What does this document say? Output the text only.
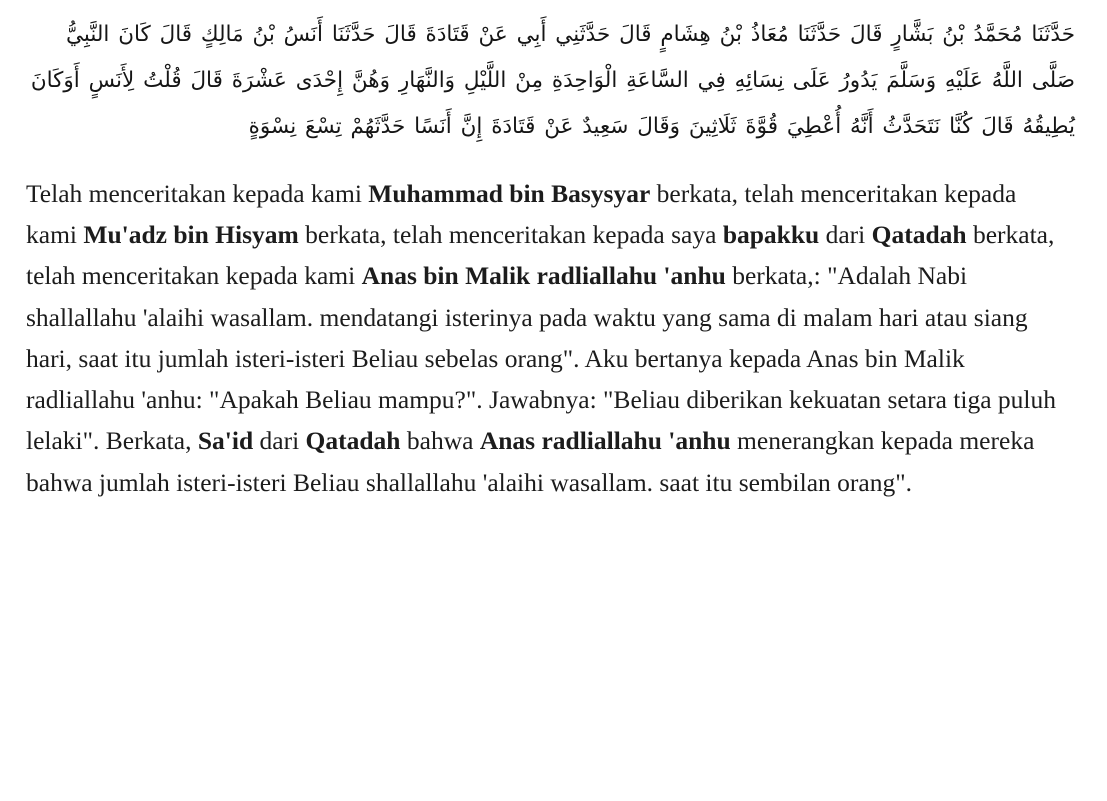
حَدَّثَنَا مُحَمَّدُ بْنُ بَشَّارٍ قَالَ حَدَّثَنَا مُعَاذُ بْنُ هِشَامٍ قَالَ حَدَّثَنِي أَبِي عَنْ قَتَادَةَ قَالَ حَدَّثَنَا أَنَسُ بْنُ مَالِكٍ قَالَ كَانَ النَّبِيُّ صَلَّى اللَّهُ عَلَيْهِ وَسَلَّمَ يَدُورُ عَلَى نِسَائِهِ فِي السَّاعَةِ الْوَاحِدَةِ مِنْ اللَّيْلِ وَالنَّهَارِ وَهُنَّ إِحْدَى عَشْرَةَ قَالَ قُلْتُ لِأَنَسٍ أَوَكَانَ يُطِيقُهُ قَالَ كُنَّا نَتَحَدَّثُ أَنَّهُ أُعْطِيَ قُوَّةَ ثَلَاثِينَ وَقَالَ سَعِيدٌ عَنْ قَتَادَةَ إِنَّ أَنَسًا حَدَّثَهُمْ تِسْعَ نِسْوَةٍ
Telah menceritakan kepada kami Muhammad bin Basysyar berkata, telah menceritakan kepada kami Mu'adz bin Hisyam berkata, telah menceritakan kepada saya bapakku dari Qatadah berkata, telah menceritakan kepada kami Anas bin Malik radliallahu 'anhu berkata,: "Adalah Nabi shallallahu 'alaihi wasallam. mendatangi isterinya pada waktu yang sama di malam hari atau siang hari, saat itu jumlah isteri-isteri Beliau sebelas orang". Aku bertanya kepada Anas bin Malik radliallahu 'anhu: "Apakah Beliau mampu?". Jawabnya: "Beliau diberikan kekuatan setara tiga puluh lelaki". Berkata, Sa'id dari Qatadah bahwa Anas radliallahu 'anhu menerangkan kepada mereka bahwa jumlah isteri-isteri Beliau shallallahu 'alaihi wasallam. saat itu sembilan orang".
